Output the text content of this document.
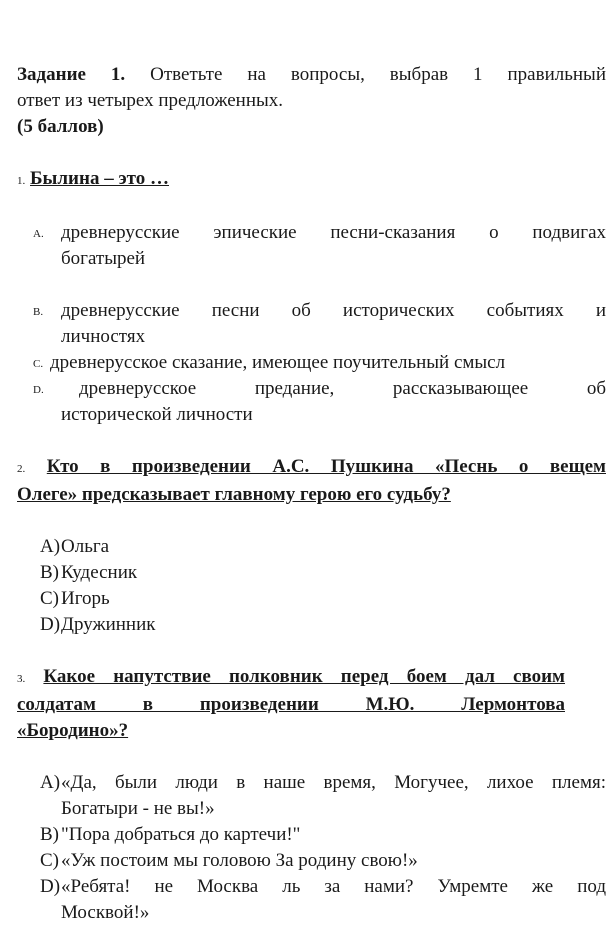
Задание 1. Ответьте на вопросы, выбрав 1 правильный

ответ из четырех предложенных.

(5 баллов)

1. Былина – это …

A. древнерусские эпические песни-сказания о подвигах
богатырей
B. древнерусские песни об исторических событиях и
личностях
C. древнерусское сказание, имеющее поучительный смысл
D.	древнерусское предание, рассказывающее об
исторической личности

2. Кто в произведении А.С. Пушкина «Песнь о вещем

Олеге» предсказывает главному герою его судьбу?

A) Ольга
B) Кудесник
C) Игорь
D) Дружинник

3. Какое напутствие полковник перед боем дал своим

солдатам в произведении М.Ю. Лермонтова

«Бородино»?

A) «Да, были люди в наше время, Могучее, лихое племя:
Богатыри - не вы!»
B) "Пора добраться до картечи!"
C) «Уж постоим мы головою За родину свою!»
D) «Ребята! не Москва ль за нами? Умремте же под
Москвой!»
